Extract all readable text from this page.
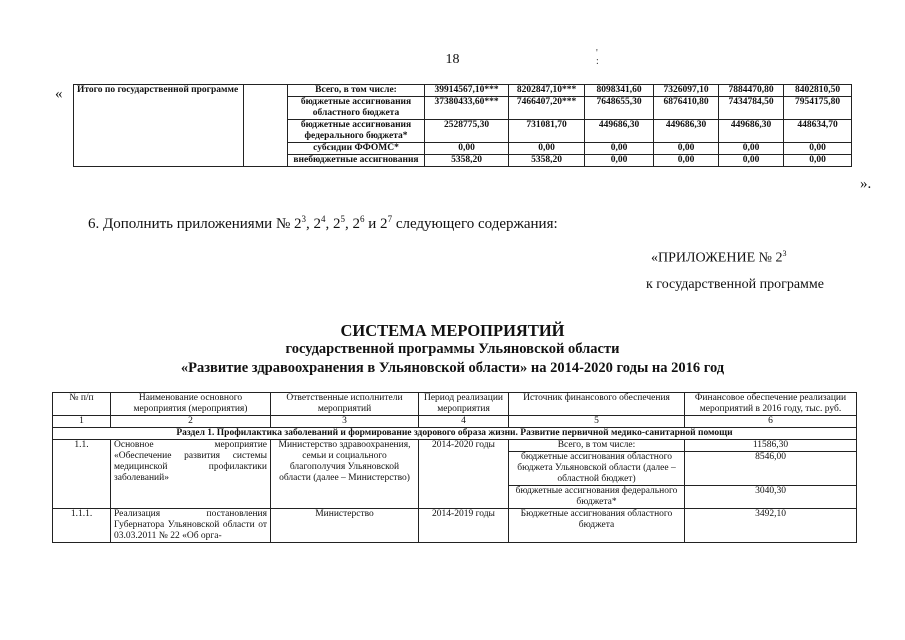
18	'
:
« Итого по государственной программе		Всего, в том числе:	39914567,10***	8202847,10***	8098341,60	7326097,10	7884470,80	8402810,50
		бюджетные ассигнования областного бюджета	37380433,60***	7466407,20***	7648655,30	6876410,80	7434784,50	7954175,80
		бюджетные ассигнования федерального бюджета*	2528775,30	731081,70	449686,30	449686,30	449686,30	448634,70
		субсидии ФФОМС*	0,00	0,00	0,00	0,00	0,00	0,00
		внебюджетные ассигнования	5358,20	5358,20	0,00	0,00	0,00	0,00
».
6. Дополнить приложениями № $2^3$, $2^4$, $2^5$, $2^6$ и $2^7$ следующего содержания:
«ПРИЛОЖЕНИЕ № $2^3$
к государственной программе
СИСТЕМА МЕРОПРИЯТИЙ
государственной программы Ульяновской области
«Развитие здравоохранения в Ульяновской области» на 2014-2020 годы на 2016 год
№ п/п	Наименование основного мероприятия (мероприятия)	Ответственные исполнители мероприятий	Период реализации мероприятия	Источник финансового обеспечения	Финансовое обеспечение реализации мероприятий в 2016 году, тыс. руб.
1	2	3	4	5	6
Раздел 1. Профилактика заболеваний и формирование здорового образа жизни. Развитие первичной медико-санитарной помощи					
1.1.	Основное мероприятие «Обеспечение развития системы медицинской профилактики заболеваний»	Министерство здравоохранения, семьи и социального благополучия Ульяновской области (далее – Министерство)	2014-2020 годы	Всего, в том числе:	11586,30
				бюджетные ассигнования областного бюджета Ульяновской области (далее – областной бюджет)	8546,00
				бюджетные ассигнования федерального бюджета*	3040,30
1.1.1.	Реализация постановления Губернатора Ульяновской области от 03.03.2011 № 22 «Об орга-	Министерство	2014-2019 годы	Бюджетные ассигнования областного бюджета	3492,10
